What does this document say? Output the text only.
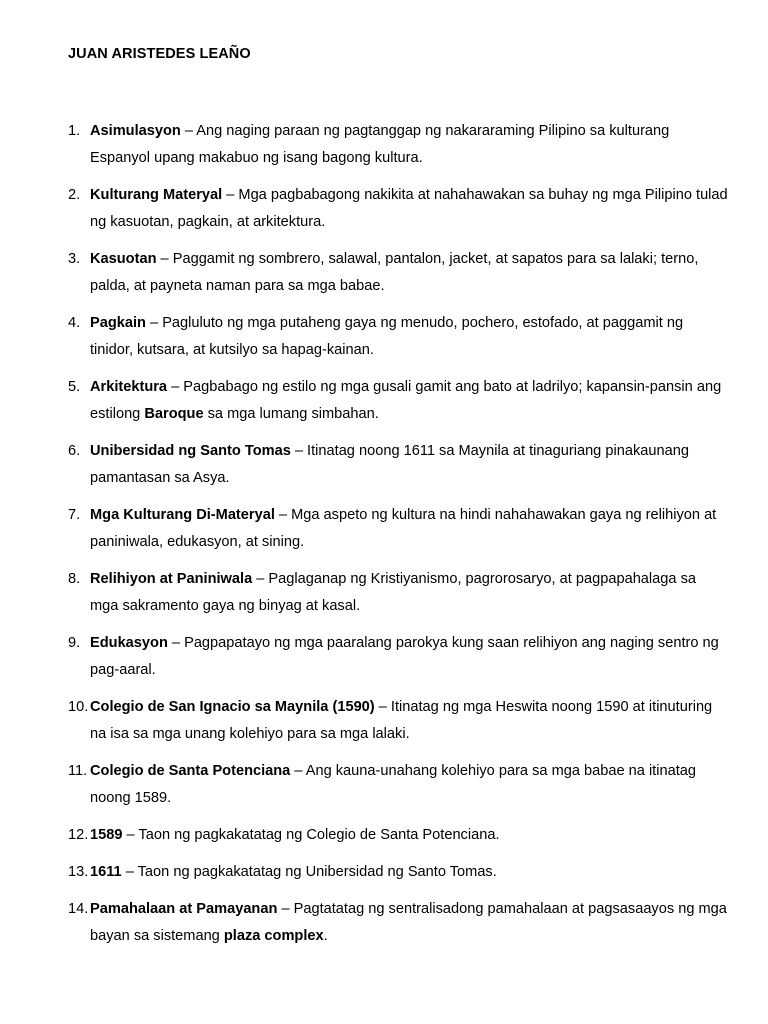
JUAN ARISTEDES LEAÑO
1. Asimulasyon – Ang naging paraan ng pagtanggap ng nakararaming Pilipino sa kulturang Espanyol upang makabuo ng isang bagong kultura.
2. Kulturang Materyal – Mga pagbabagong nakikita at nahahawakan sa buhay ng mga Pilipino tulad ng kasuotan, pagkain, at arkitektura.
3. Kasuotan – Paggamit ng sombrero, salawal, pantalon, jacket, at sapatos para sa lalaki; terno, palda, at payneta naman para sa mga babae.
4. Pagkain – Pagluluto ng mga putaheng gaya ng menudo, pochero, estofado, at paggamit ng tinidor, kutsara, at kutsilyo sa hapag-kainan.
5. Arkitektura – Pagbabago ng estilo ng mga gusali gamit ang bato at ladrilyo; kapansin-pansin ang estilong Baroque sa mga lumang simbahan.
6. Unibersidad ng Santo Tomas – Itinatag noong 1611 sa Maynila at tinaguriang pinakaunang pamantasan sa Asya.
7. Mga Kulturang Di-Materyal – Mga aspeto ng kultura na hindi nahahawakan gaya ng relihiyon at paniniwala, edukasyon, at sining.
8. Relihiyon at Paniniwala – Paglaganap ng Kristiyanismo, pagrorosaryo, at pagpapahalaga sa mga sakramento gaya ng binyag at kasal.
9. Edukasyon – Pagpapatayo ng mga paaralang parokya kung saan relihiyon ang naging sentro ng pag-aaral.
10. Colegio de San Ignacio sa Maynila (1590) – Itinatag ng mga Heswita noong 1590 at itinuturing na isa sa mga unang kolehiyo para sa mga lalaki.
11. Colegio de Santa Potenciana – Ang kauna-unahang kolehiyo para sa mga babae na itinatag noong 1589.
12. 1589 – Taon ng pagkakatatag ng Colegio de Santa Potenciana.
13. 1611 – Taon ng pagkakatatag ng Unibersidad ng Santo Tomas.
14. Pamahalaan at Pamayanan – Pagtatatag ng sentralisadong pamahalaan at pagsasaayos ng mga bayan sa sistemang plaza complex.
